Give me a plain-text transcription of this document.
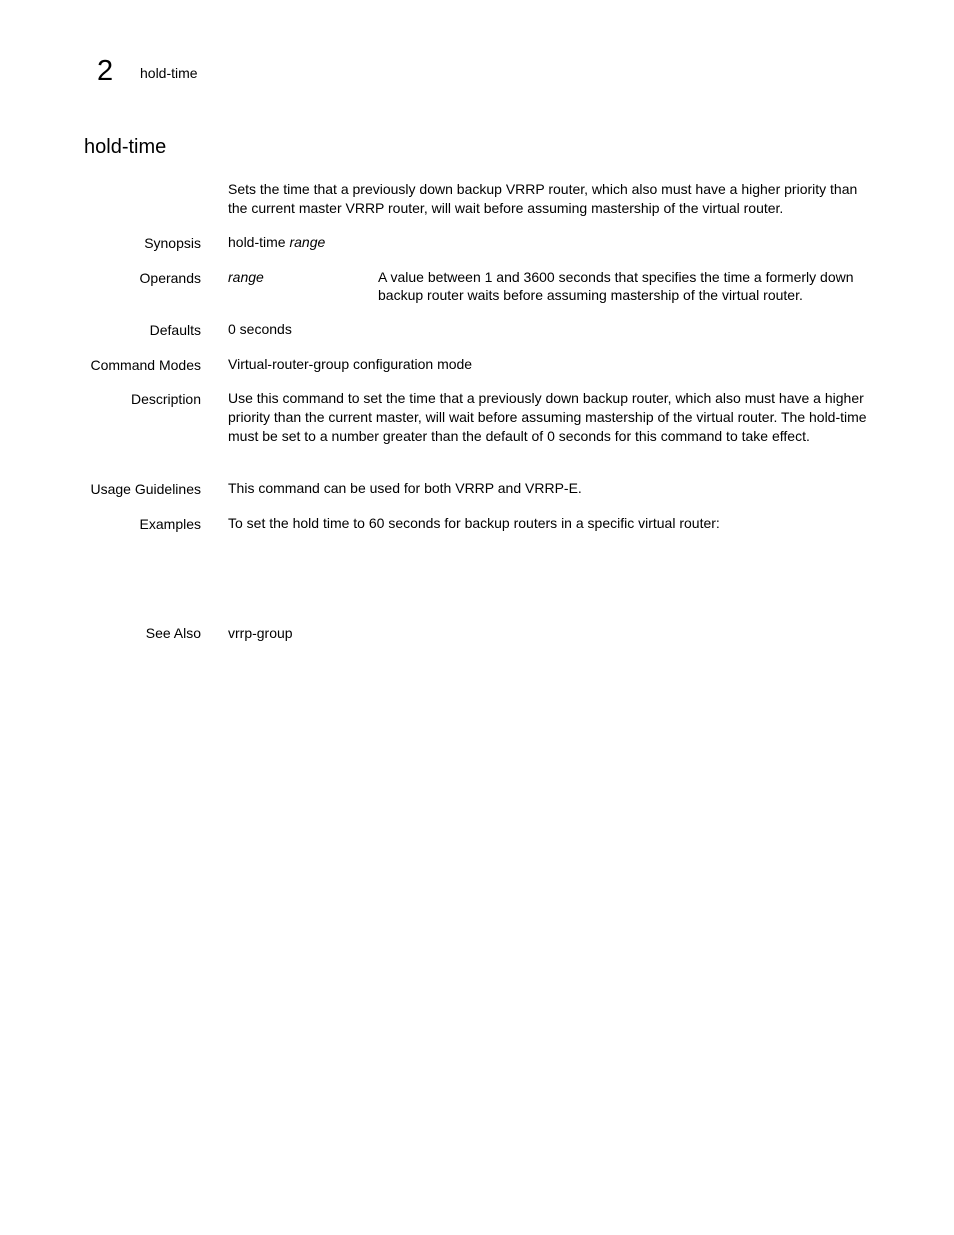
2 hold-time
hold-time
Sets the time that a previously down backup VRRP router, which also must have a higher priority than the current master VRRP router, will wait before assuming mastership of the virtual router.
Synopsis hold-time range
Operands range	A value between 1 and 3600 seconds that specifies the time a formerly down backup router waits before assuming mastership of the virtual router.
Defaults 0 seconds
Command Modes Virtual-router-group configuration mode
Description Use this command to set the time that a previously down backup router, which also must have a higher priority than the current master, will wait before assuming mastership of the virtual router. The hold-time must be set to a number greater than the default of 0 seconds for this command to take effect.
Usage Guidelines This command can be used for both VRRP and VRRP-E.
Examples To set the hold time to 60 seconds for backup routers in a specific virtual router:
See Also vrrp-group
